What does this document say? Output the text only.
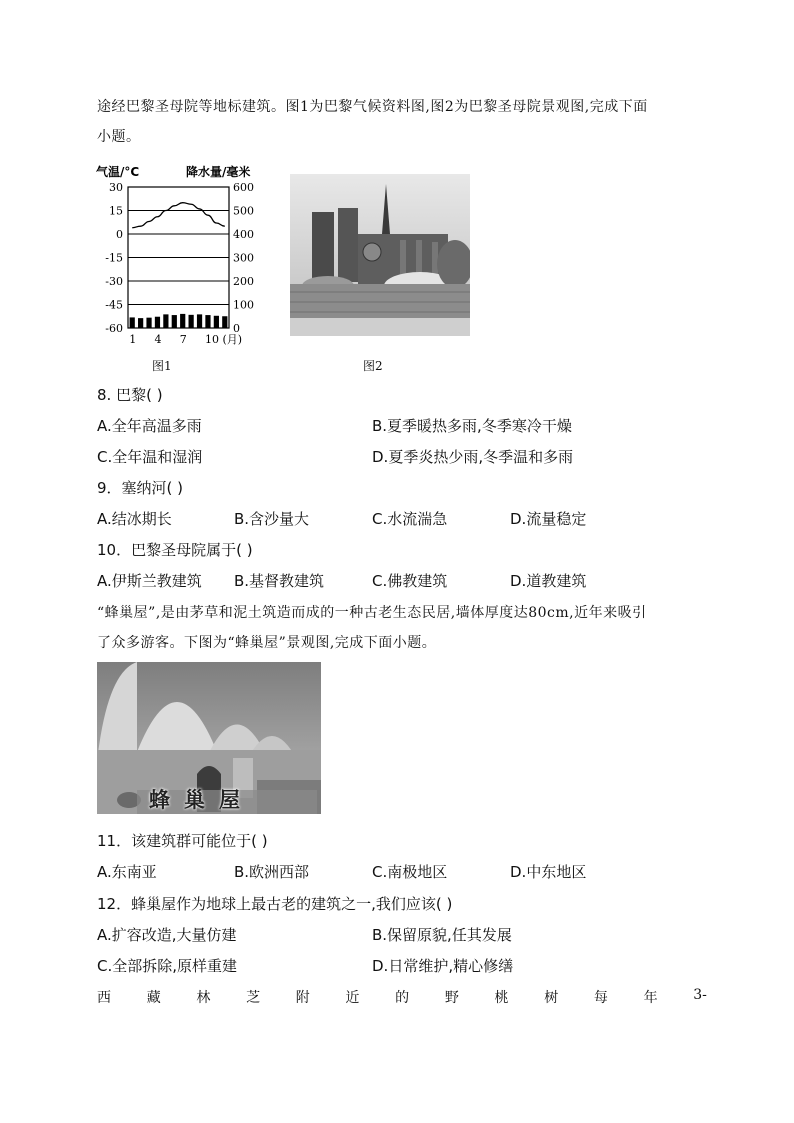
途经巴黎圣母院等地标建筑。图1为巴黎气候资料图,图2为巴黎圣母院景观图,完成下面
小题。
气温/°C	降水量/毫米
30
15
0
-15
-30
-45
-60
600
500
400
300
200
100
0
1 4 7 10 (月)
图1	图2
8. 巴黎( )
A.全年高温多雨	B.夏季暖热多雨,冬季寒冷干燥
C.全年温和湿润	D.夏季炎热少雨,冬季温和多雨
9．塞纳河( )
A.结冰期长	B.含沙量大	C.水流湍急	D.流量稳定
10．巴黎圣母院属于( )
A.伊斯兰教建筑 B.基督教建筑	C.佛教建筑	D.道教建筑
“蜂巢屋”,是由茅草和泥土筑造而成的一种古老生态民居,墙体厚度达80cm,近年来吸引
了众多游客。下图为“蜂巢屋”景观图,完成下面小题。
蜂巢屋
11．该建筑群可能位于( )
A.东南亚	B.欧洲西部	C.南极地区	D.中东地区
12．蜂巢屋作为地球上最古老的建筑之一,我们应该( )
A.扩容改造,大量仿建	B.保留原貌,任其发展
C.全部拆除,原样重建	D.日常维护,精心修缮
西	藏	林	芝	附	近	的	野	桃	树	每	年	3-
